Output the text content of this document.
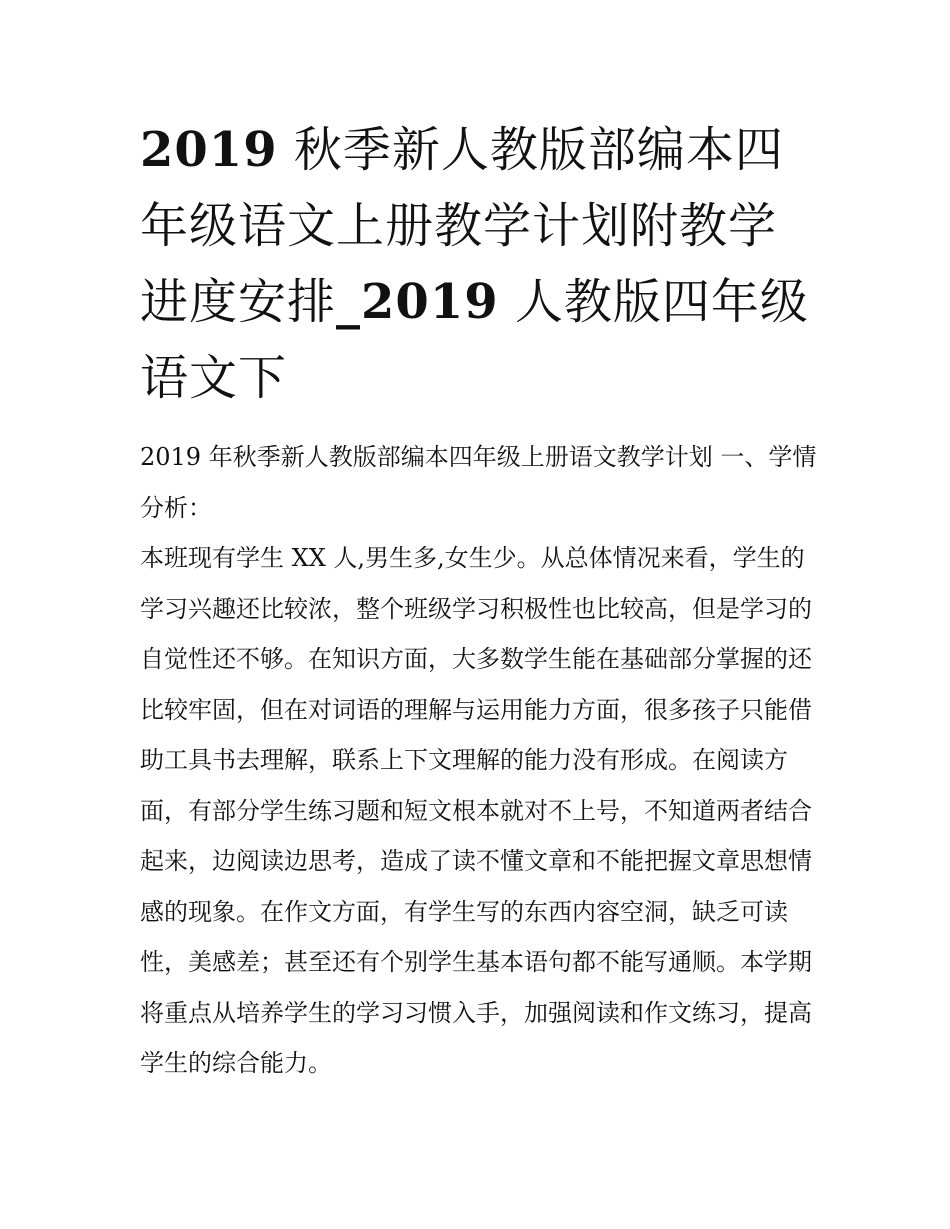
2019 秋季新人教版部编本四年级语文上册教学计划附教学进度安排_2019 人教版四年级语文下

2019 年秋季新人教版部编本四年级上册语文教学计划 一、学情分析：

本班现有学生 XX 人,男生多,女生少。从总体情况来看，学生的学习兴趣还比较浓，整个班级学习积极性也比较高，但是学习的自觉性还不够。在知识方面，大多数学生能在基础部分掌握的还比较牢固，但在对词语的理解与运用能力方面，很多孩子只能借助工具书去理解，联系上下文理解的能力没有形成。在阅读方面，有部分学生练习题和短文根本就对不上号，不知道两者结合起来，边阅读边思考，造成了读不懂文章和不能把握文章思想情感的现象。在作文方面，有学生写的东西内容空洞，缺乏可读性，美感差；甚至还有个别学生基本语句都不能写通顺。本学期将重点从培养学生的学习习惯入手，加强阅读和作文练习，提高学生的综合能力。
